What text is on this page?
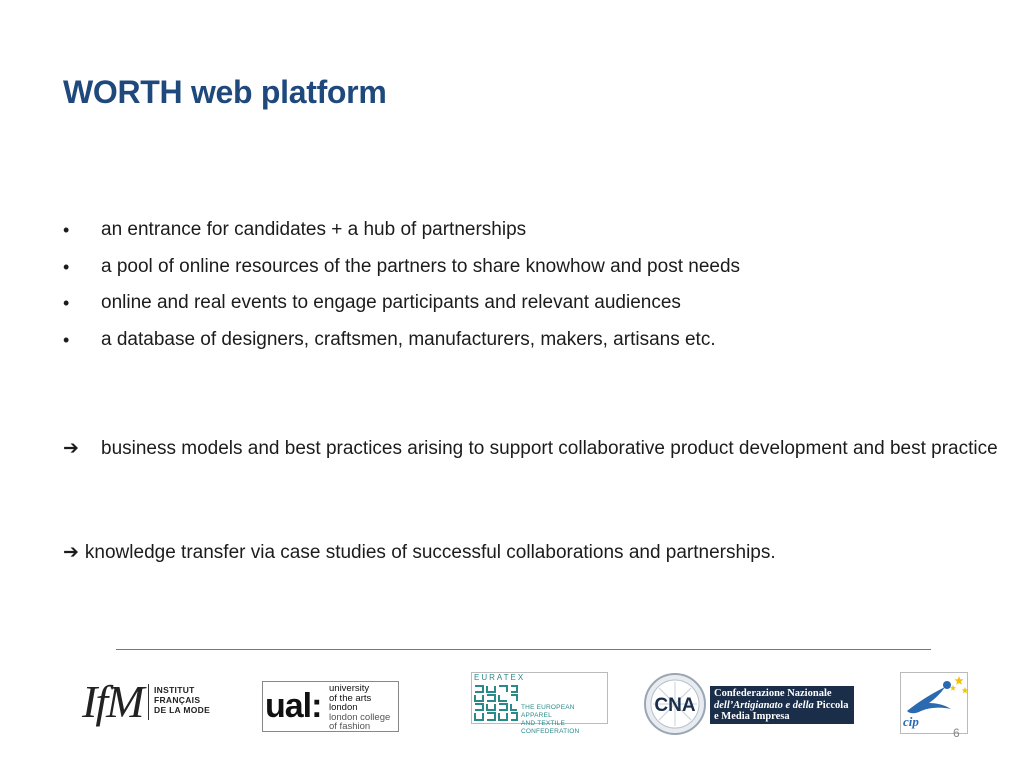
WORTH web platform
•	an entrance for candidates + a hub of partnerships
•	a pool of online resources of the partners to share knowhow and post needs
•	online and real events to engage participants and relevant audiences
•	a database of designers, craftsmen, manufacturers, makers, artisans etc.
➔ business models and best practices arising to support collaborative product development and best practice
➔ knowledge transfer via case studies of successful collaborations and partnerships.
IfM INSTITUT
FRANÇAIS
DE LA MODE ual: university
of the arts
london
london college
of fashion
EURATEX
THE EUROPEAN APPAREL
AND TEXTILE CONFEDERATION
CNA
Confederazione Nazionale
dell’Artigianato e della Piccola
e Media Impresa	cip
6
